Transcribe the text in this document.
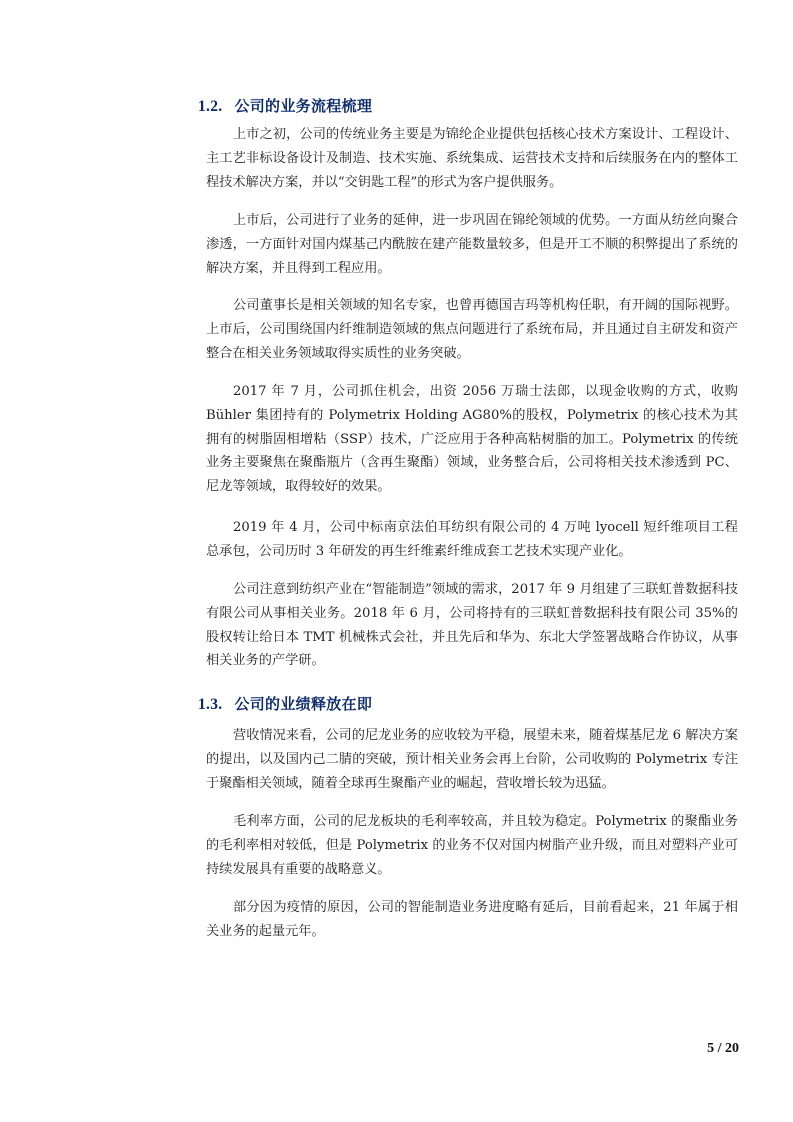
1.2. 公司的业务流程梳理

上市之初，公司的传统业务主要是为锦纶企业提供包括核心技术方案设计、工程设计、主工艺非标设备设计及制造、技术实施、系统集成、运营技术支持和后续服务在内的整体工程技术解决方案，并以“交钥匙工程”的形式为客户提供服务。

上市后，公司进行了业务的延伸，进一步巩固在锦纶领域的优势。一方面从纺丝向聚合渗透，一方面针对国内煤基己内酰胺在建产能数量较多，但是开工不顺的积弊提出了系统的解决方案，并且得到工程应用。

公司董事长是相关领域的知名专家，也曾再德国吉玛等机构任职，有开阔的国际视野。上市后，公司围绕国内纤维制造领域的焦点问题进行了系统布局，并且通过自主研发和资产整合在相关业务领域取得实质性的业务突破。

2017 年 7 月，公司抓住机会，出资 2056 万瑞士法郎，以现金收购的方式，收购 Bühler 集团持有的 Polymetrix Holding AG80%的股权，Polymetrix 的核心技术为其拥有的树脂固相增粘（SSP）技术，广泛应用于各种高粘树脂的加工。Polymetrix 的传统业务主要聚焦在聚酯瓶片（含再生聚酯）领域，业务整合后，公司将相关技术渗透到 PC、尼龙等领域，取得较好的效果。

2019 年 4 月，公司中标南京法伯耳纺织有限公司的 4 万吨 lyocell 短纤维项目工程总承包，公司历时 3 年研发的再生纤维素纤维成套工艺技术实现产业化。

公司注意到纺织产业在“智能制造”领域的需求，2017 年 9 月组建了三联虹普数据科技有限公司从事相关业务。2018 年 6 月，公司将持有的三联虹普数据科技有限公司 35%的股权转让给日本 TMT 机械株式会社，并且先后和华为、东北大学签署战略合作协议，从事相关业务的产学研。

1.3. 公司的业绩释放在即

营收情况来看，公司的尼龙业务的应收较为平稳，展望未来，随着煤基尼龙 6 解决方案的提出，以及国内己二腈的突破，预计相关业务会再上台阶，公司收购的 Polymetrix 专注于聚酯相关领域，随着全球再生聚酯产业的崛起，营收增长较为迅猛。

毛利率方面，公司的尼龙板块的毛利率较高，并且较为稳定。Polymetrix 的聚酯业务的毛利率相对较低，但是 Polymetrix 的业务不仅对国内树脂产业升级，而且对塑料产业可持续发展具有重要的战略意义。

部分因为疫情的原因，公司的智能制造业务进度略有延后，目前看起来，21 年属于相关业务的起量元年。

5 / 20
